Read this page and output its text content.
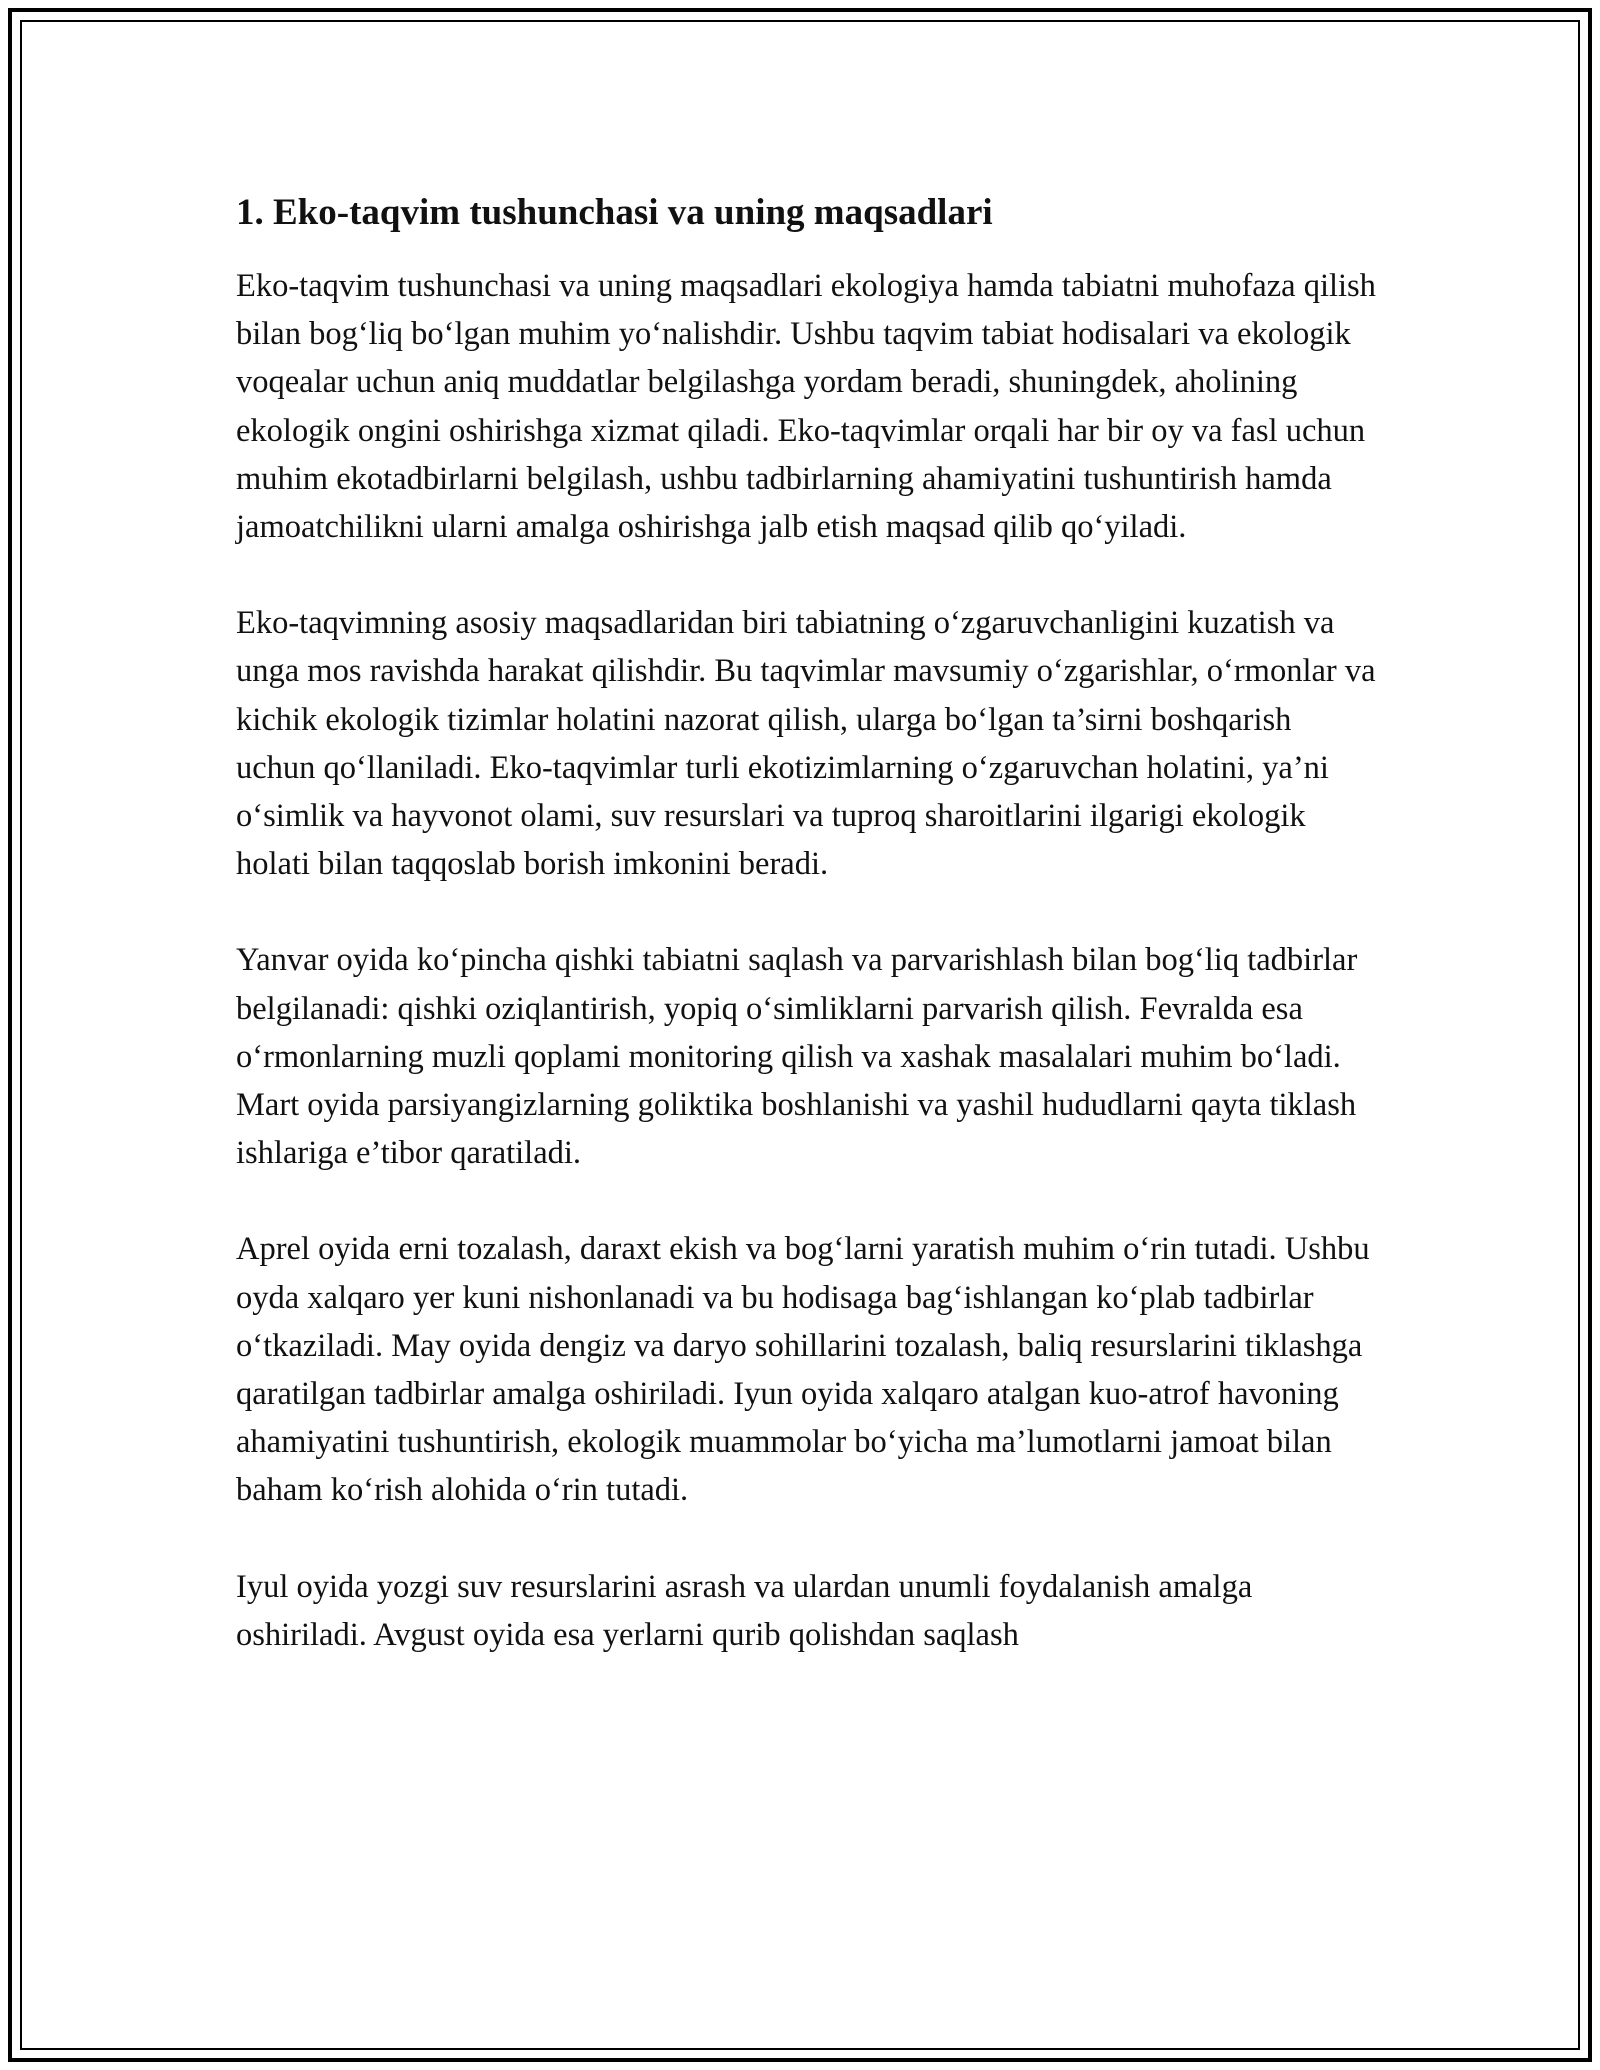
1. Eko-taqvim tushunchasi va uning maqsadlari

Eko-taqvim tushunchasi va uning maqsadlari ekologiya hamda tabiatni muhofaza qilish bilan bog‘liq bo‘lgan muhim yo‘nalishdir. Ushbu taqvim tabiat hodisalari va ekologik voqealar uchun aniq muddatlar belgilashga yordam beradi, shuningdek, aholining ekologik ongini oshirishga xizmat qiladi. Eko-taqvimlar orqali har bir oy va fasl uchun muhim ekotadbirlarni belgilash, ushbu tadbirlarning ahamiyatini tushuntirish hamda jamoatchilikni ularni amalga oshirishga jalb etish maqsad qilib qo‘yiladi.

Eko-taqvimning asosiy maqsadlaridan biri tabiatning o‘zgaruvchanligini kuzatish va unga mos ravishda harakat qilishdir. Bu taqvimlar mavsumiy o‘zgarishlar, o‘rmonlar va kichik ekologik tizimlar holatini nazorat qilish, ularga bo‘lgan ta’sirni boshqarish uchun qo‘llaniladi. Eko-taqvimlar turli ekotizimlarning o‘zgaruvchan holatini, ya’ni o‘simlik va hayvonot olami, suv resurslari va tuproq sharoitlarini ilgarigi ekologik holati bilan taqqoslab borish imkonini beradi.

Yanvar oyida ko‘pincha qishki tabiatni saqlash va parvarishlash bilan bog‘liq tadbirlar belgilanadi: qishki oziqlantirish, yopiq o‘simliklarni parvarish qilish. Fevralda esa o‘rmonlarning muzli qoplami monitoring qilish va xashak masalalari muhim bo‘ladi. Mart oyida parsiyangizlarning goliktika boshlanishi va yashil hududlarni qayta tiklash ishlariga e’tibor qaratiladi.

Aprel oyida erni tozalash, daraxt ekish va bog‘larni yaratish muhim o‘rin tutadi. Ushbu oyda xalqaro yer kuni nishonlanadi va bu hodisaga bag‘ishlangan ko‘plab tadbirlar o‘tkaziladi. May oyida dengiz va daryo sohillarini tozalash, baliq resurslarini tiklashga qaratilgan tadbirlar amalga oshiriladi. Iyun oyida xalqaro atalgan kuo-atrof havoning ahamiyatini tushuntirish, ekologik muammolar bo‘yicha ma’lumotlarni jamoat bilan baham ko‘rish alohida o‘rin tutadi.

Iyul oyida yozgi suv resurslarini asrash va ulardan unumli foydalanish amalga oshiriladi. Avgust oyida esa yerlarni qurib qolishdan saqlash
